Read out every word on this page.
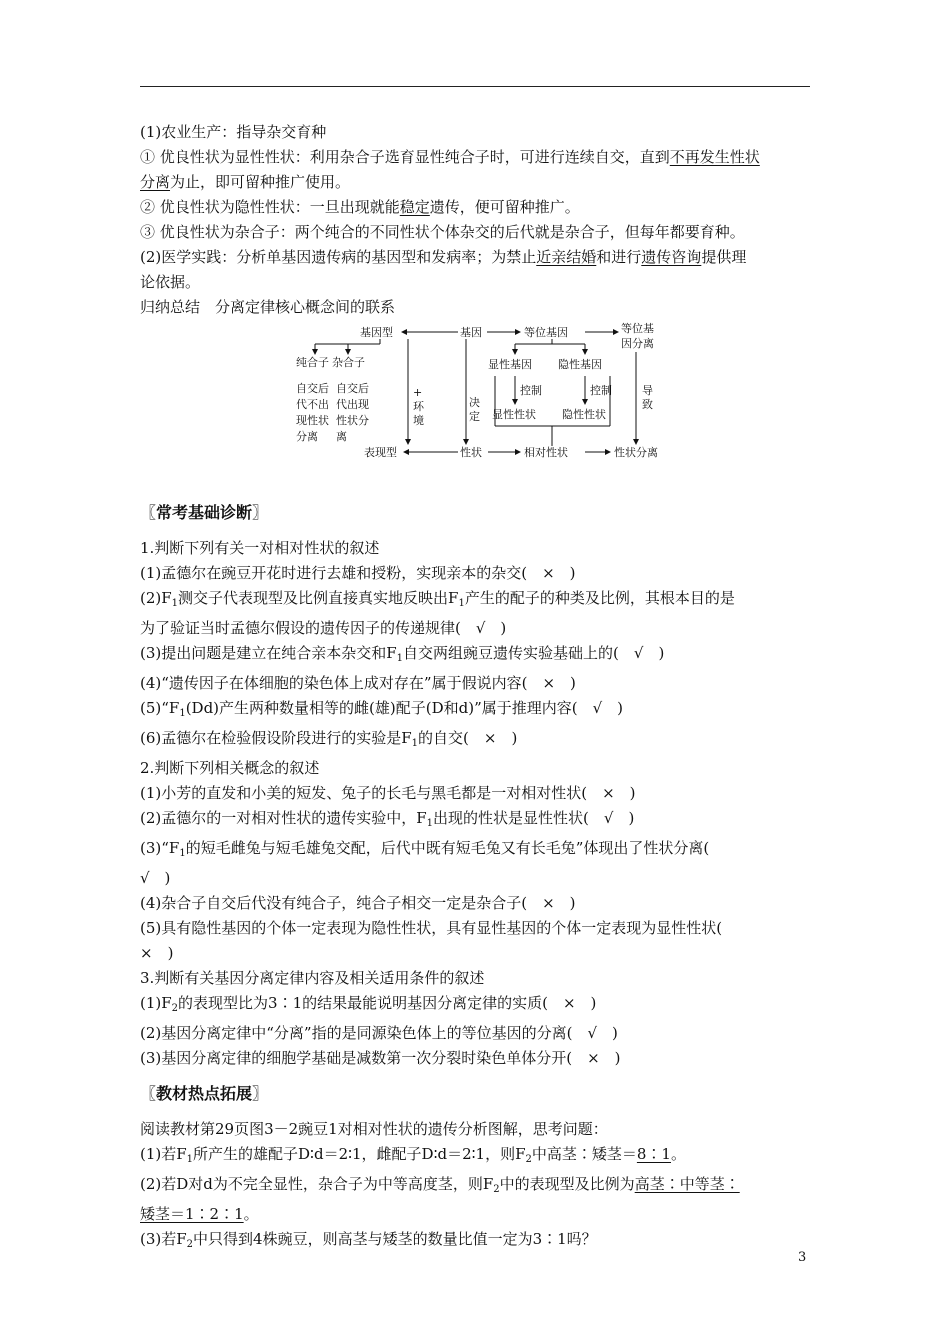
(1)农业生产：指导杂交育种

① 优良性状为显性性状：利用杂合子选育显性纯合子时，可进行连续自交，直到不再发生性状

分离为止，即可留种推广使用。

② 优良性状为隐性性状：一旦出现就能稳定遗传，便可留种推广。

③ 优良性状为杂合子：两个纯合的不同性状个体杂交的后代就是杂合子，但每年都要育种。

(2)医学实践：分析单基因遗传病的基因型和发病率；为禁止近亲结婚和进行遗传咨询提供理

论依据。

归纳总结　分离定律核心概念间的联系

基因型	基因	等位基因	等位基
因分离
纯合子 杂合子
自交后
代不出
现性状
分离
自交后
代出现
性状分
离
+
环
境
决
定
显性基因 隐性基因
控制	控制
显性性状 隐性性状
导
致
表现型	性状	相对性状	性状分离

〖常考基础诊断〗

1.判断下列有关一对相对性状的叙述

(1)孟德尔在豌豆开花时进行去雄和授粉，实现亲本的杂交(　×　)

$(2)F_1$测交子代表现型及比例直接真实地反映出$F_1$产生的配子的种类及比例，其根本目的是

为了验证当时孟德尔假设的遗传因子的传递规律(　√　)

(3)提出问题是建立在纯合亲本杂交和$F_1$自交两组豌豆遗传实验基础上的(　√　)

(4)“遗传因子在体细胞的染色体上成对存在”属于假说内容(　×　)

$(5)“F_1(Dd)$产生两种数量相等的雌(雄)配子(D和d)”属于推理内容(　√　)

(6)孟德尔在检验假设阶段进行的实验是$F_1$的自交(　×　)

2.判断下列相关概念的叙述

(1)小芳的直发和小美的短发、兔子的长毛与黑毛都是一对相对性状(　×　)

(2)孟德尔的一对相对性状的遗传实验中，$F_1$出现的性状是显性性状(　√　)

$(3)“F_1$的短毛雌兔与短毛雄兔交配，后代中既有短毛兔又有长毛兔”体现出了性状分离(

√　)

(4)杂合子自交后代没有纯合子，纯合子相交一定是杂合子(　×　)

(5)具有隐性基因的个体一定表现为隐性性状，具有显性基因的个体一定表现为显性性状(

×　)

3.判断有关基因分离定律内容及相关适用条件的叙述

$(1)F_2$的表现型比为3∶1的结果最能说明基因分离定律的实质(　×　)

(2)基因分离定律中“分离”指的是同源染色体上的等位基因的分离(　√　)

(3)基因分离定律的细胞学基础是减数第一次分裂时染色单体分开(　×　)

〖教材热点拓展〗

阅读教材第29页图3－2豌豆1对相对性状的遗传分析图解，思考问题：

(1)若$F_1$所产生的雄配子D∶d＝2∶1，雌配子D∶d＝2∶1，则$F_2$中高茎∶矮茎＝8∶1。

(2)若D对d为不完全显性，杂合子为中等高度茎，则$F_2$中的表现型及比例为高茎∶中等茎∶

矮茎＝1∶2∶1。

(3)若$F_2$中只得到4株豌豆，则高茎与矮茎的数量比值一定为3∶1吗？

3
